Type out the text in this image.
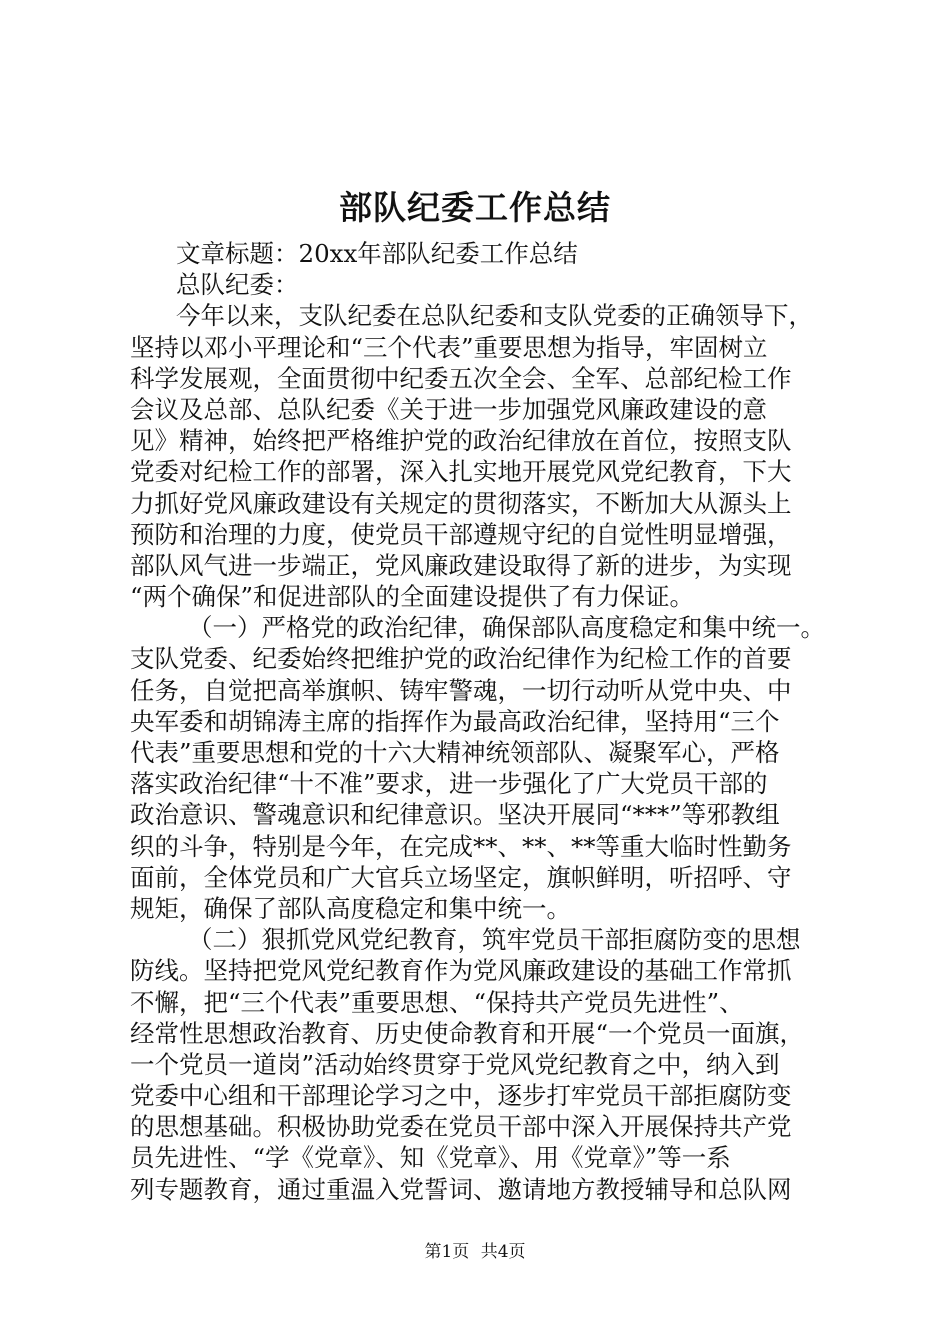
部队纪委工作总结
文章标题：20xx年部队纪委工作总结
总队纪委：
今年以来，支队纪委在总队纪委和支队党委的正确领导下，
坚持以邓小平理论和“三个代表”重要思想为指导，牢固树立
科学发展观，全面贯彻中纪委五次全会、全军、总部纪检工作
会议及总部、总队纪委《关于进一步加强党风廉政建设的意
见》精神，始终把严格维护党的政治纪律放在首位，按照支队
党委对纪检工作的部署，深入扎实地开展党风党纪教育，下大
力抓好党风廉政建设有关规定的贯彻落实，不断加大从源头上
预防和治理的力度，使党员干部遵规守纪的自觉性明显增强，
部队风气进一步端正，党风廉政建设取得了新的进步，为实现
“两个确保”和促进部队的全面建设提供了有力保证。
（一）严格党的政治纪律，确保部队高度稳定和集中统一。
支队党委、纪委始终把维护党的政治纪律作为纪检工作的首要
任务，自觉把高举旗帜、铸牢警魂，一切行动听从党中央、中
央军委和胡锦涛主席的指挥作为最高政治纪律，坚持用“三个
代表”重要思想和党的十六大精神统领部队、凝聚军心，严格
落实政治纪律“十不准”要求，进一步强化了广大党员干部的
政治意识、警魂意识和纪律意识。坚决开展同“***”等邪教组
织的斗争，特别是今年，在完成**、**、**等重大临时性勤务
面前，全体党员和广大官兵立场坚定，旗帜鲜明，听招呼、守
规矩，确保了部队高度稳定和集中统一。
（二）狠抓党风党纪教育，筑牢党员干部拒腐防变的思想
防线。坚持把党风党纪教育作为党风廉政建设的基础工作常抓
不懈，把“三个代表”重要思想、“保持共产党员先进性”、
经常性思想政治教育、历史使命教育和开展“一个党员一面旗，
一个党员一道岗”活动始终贯穿于党风党纪教育之中，纳入到
党委中心组和干部理论学习之中，逐步打牢党员干部拒腐防变
的思想基础。积极协助党委在党员干部中深入开展保持共产党
员先进性、“学《党章》、知《党章》、用《党章》”等一系
列专题教育，通过重温入党誓词、邀请地方教授辅导和总队网
第1页 共4页
